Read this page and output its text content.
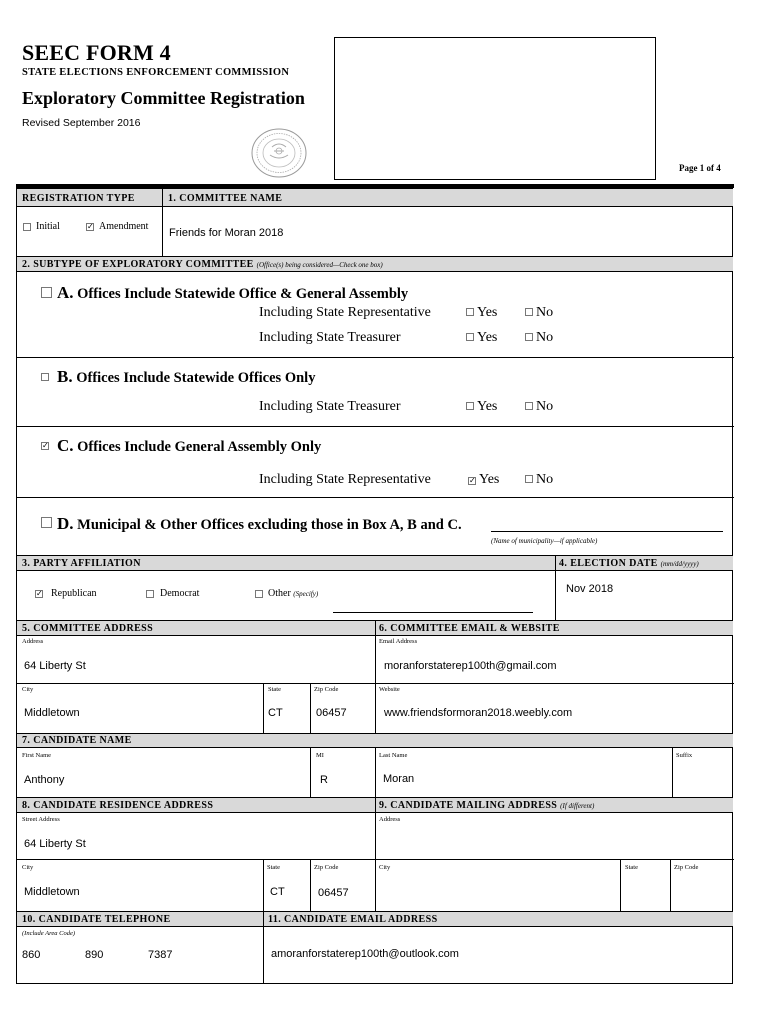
SEEC FORM 4
STATE ELECTIONS ENFORCEMENT COMMISSION
Exploratory Committee Registration
Revised September 2016
Page 1 of 4
REGISTRATION TYPE	1. COMMITTEE NAME
Initial	✓ Amendment
Friends for Moran 2018
2. SUBTYPE OF EXPLORATORY COMMITTEE (Office(s) being considered—Check one box)
A. Offices Include Statewide Office & General Assembly
Including State Representative	Yes	No
Including State Treasurer	Yes	No
B. Offices Include Statewide Offices Only
Including State Treasurer	Yes	No
✓ C. Offices Include General Assembly Only
Including State Representative	✓ Yes	No
D. Municipal & Other Offices excluding those in Box A, B and C.
(Name of municipality—if applicable)
3. PARTY AFFILIATION	4. ELECTION DATE (mm/dd/yyyy)
✓ Republican	Democrat	Other (Specify)	Nov 2018
5. COMMITTEE ADDRESS	6. COMMITTEE EMAIL & WEBSITE
Address
64 Liberty St
Email Address
moranforstaterep100th@gmail.com
City	State	Zip Code	Website
Middletown	CT	06457	www.friendsformoran2018.weebly.com
7. CANDIDATE NAME
First Name	MI	Last Name	Suffix
Anthony	R	Moran
8. CANDIDATE RESIDENCE ADDRESS	9. CANDIDATE MAILING ADDRESS (If different)
Street Address
64 Liberty St
Address
City	State	Zip Code	City	State	Zip Code
Middletown	CT	06457
10. CANDIDATE TELEPHONE	11. CANDIDATE EMAIL ADDRESS
(Include Area Code)
860	890	7387	amoranforstaterep100th@outlook.com
